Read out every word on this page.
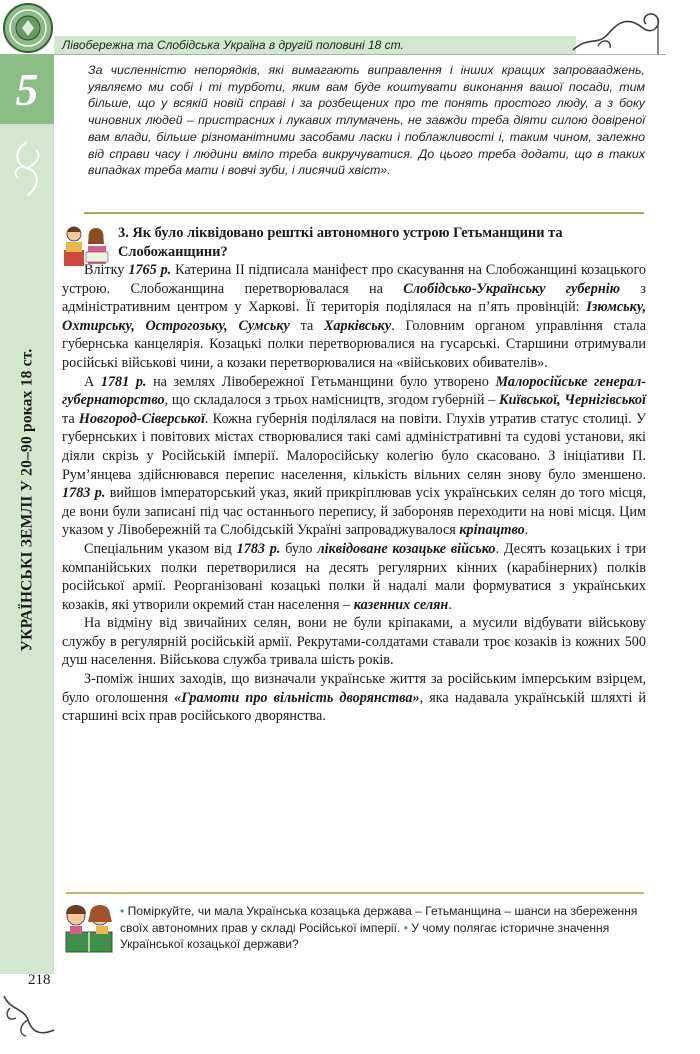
5
УКРАЇНСЬКІ ЗЕМЛІ У 20–90 роках 18 ст.
Лівобережна та Слобідська Україна в другій половині 18 ст.
За численністю непорядків, які вимагають виправлення і інших кращих запровааджень, уявляємо ми собі і ті турботи, яким вам буде коштувати виконання вашої посади, тим більше, що у всякій новій справі і за розбещених про те понять простого люду, а з боку чиновних людей – пристрасних і лукавих тлумачень, не завжди треба діяти силою довіреної вам влади, більше різноманітними засобами ласки і поблажливості і, таким чином, залежно від справи часу і людини вміло треба викручуватися. До цього треба додати, що в таких випадках треба мати і вовчі зуби, і лисячий хвіст».
3. Як було ліквідовано решткі автономного устрою Гетьманщини та Слобожанщини?

Влітку 1765 р. Катерина II підписала маніфест про скасування на Слобожанщині козацького устрою. Слобожанщина перетворювалася на Слобідсько-Українську губернію з адміністративним центром у Харкові. Її територія поділялася на п’ять провінцій: Ізюмську, Охтирську, Острогозьку, Сумську та Харківську. Головним органом управління стала губернська канцелярія. Козацькі полки перетворювалися на гусарські. Старшини отримували російські військові чини, а козаки перетворювалися на «військових обивателів».

А 1781 р. на землях Лівобережної Гетьманщини було утворено Малоросійське генерал-губернаторство, що складалося з трьох намісництв, згодом губерній – Київської, Чернігівської та Новгород-Сіверської. Кожна губернія поділялася на повіти. Глухів утратив статус столиці. У губернських і повітових містах створювалися такі самі адміністративні та судові установи, які діяли скрізь у Російській імперії. Малоросійську колегію було скасовано. З ініціативи П. Рум’янцева здійснювався перепис населення, кількість вільних селян знову було зменшено. 1783 р. вийшов імператорський указ, який прикріплював усіх українських селян до того місця, де вони були записані під час останнього перепису, й забороняв переходити на нові місця. Цим указом у Лівобережній та Слобідській Україні запроваджувалося кріпацтво.

Спеціальним указом від 1783 р. було ліквідоване козацьке військо. Десять козацьких і три компанійських полки перетворилися на десять регулярних кінних (карабінерних) полків російської армії. Реорганізовані козацькі полки й надалі мали формуватися з українських козаків, які утворили окремий стан населення – казенних селян.

На відміну від звичайних селян, вони не були кріпаками, а мусили відбувати військову службу в регулярній російській армії. Рекрутами-солдатами ставали троє козаків із кожних 500 душ населення. Військова служба тривала шість років.

З-поміж інших заходів, що визначали українське життя за російським імперським взірцем, було оголошення «Грамоти про вільність дворянства», яка надавала українській шляхті й старшині всіх прав російського дворянства.

• Поміркуйте, чи мала Українська козацька держава – Гетьманщина – шанси на збереження своїх автономних прав у складі Російської імперії. • У чому полягає історичне значення Української козацької держави?
218
